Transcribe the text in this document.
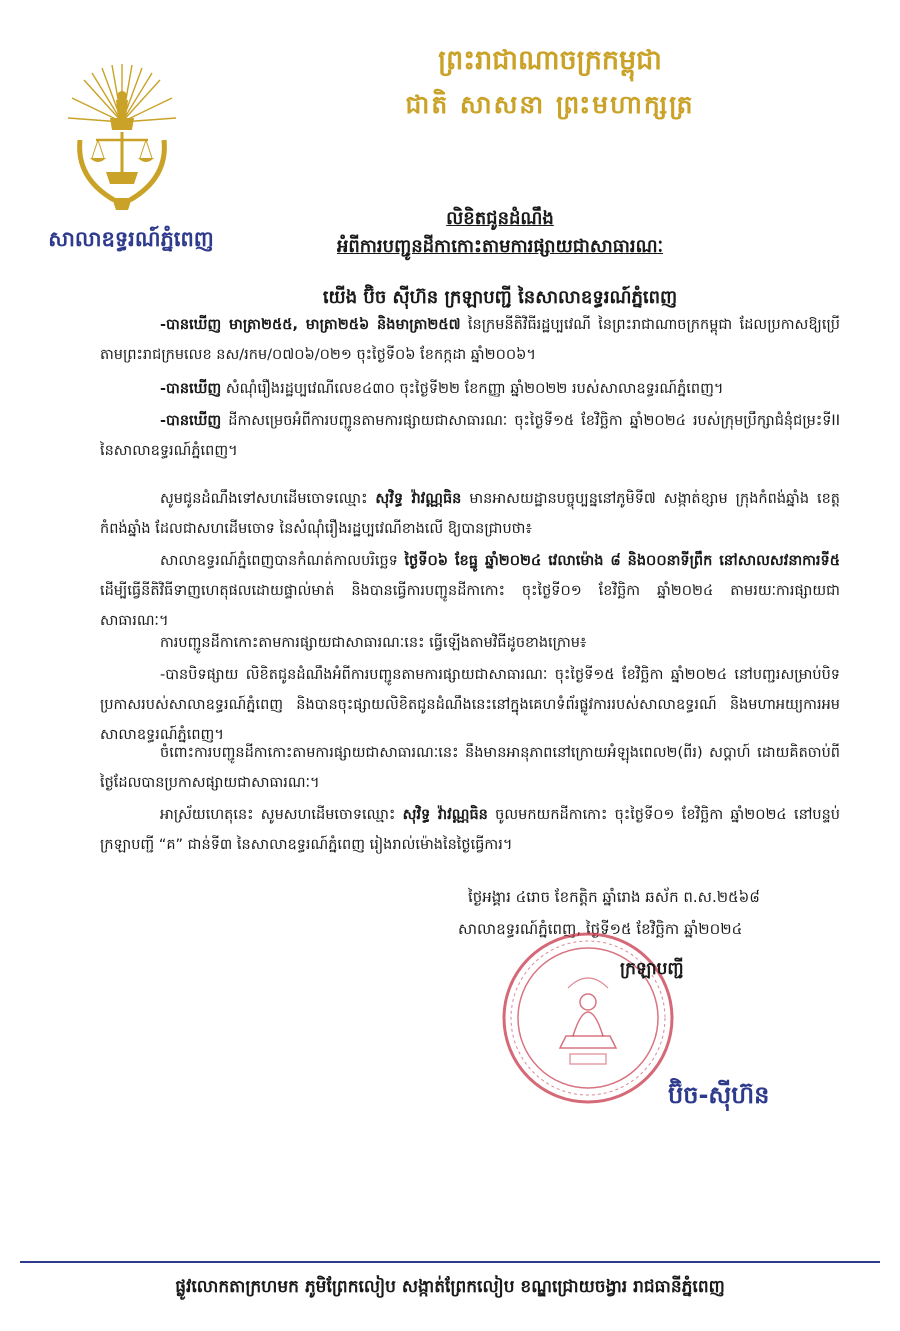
សាលាឧទ្ធរណ៍ភ្នំពេញ
ព្រះរាជាណាចក្រកម្ពុជា
ជាតិ សាសនា ព្រះមហាក្សត្រ
លិខិតជូនដំណឹង
អំពីការបញ្ជូនដីកាកោះតាមការផ្សាយជាសាធារណៈ
យើង ប៊ិច ស៊ីហ៊ន ក្រឡាបញ្ជី នៃសាលាឧទ្ធរណ៍ភ្នំពេញ
-បានឃើញ មាត្រា២៥៥, មាត្រា២៥៦ និងមាត្រា២៥៧ នៃក្រមនីតិវិធីរដ្ឋប្បវេណី នៃព្រះរាជាណាចក្រកម្ពុជា ដែលប្រកាសឱ្យប្រើតាមព្រះរាជក្រមលេខ នស/រកម/០៧០៦/០២១ ចុះថ្ងៃទី០៦ ខែកក្កដា ឆ្នាំ២០០៦។
-បានឃើញ សំណុំរឿងរដ្ឋប្បវេណីលេខ៤៣០ ចុះថ្ងៃទី២២ ខែកញ្ញា ឆ្នាំ២០២២ របស់សាលាឧទ្ធរណ៍ភ្នំពេញ។
-បានឃើញ ដីកាសម្រេចអំពីការបញ្ជូនតាមការផ្សាយជាសាធារណៈ ចុះថ្ងៃទី១៥ ខែវិច្ឆិកា ឆ្នាំ២០២៤ របស់ក្រុមប្រឹក្សាជំនុំជម្រះទីII នៃសាលាឧទ្ធរណ៍ភ្នំពេញ។
សូមជូនដំណឹងទៅសហដើមចោទឈ្មោះ សុវិទ្ធ វ៉ាវណ្ណធិន មានអាសយដ្ឋានបច្ចុប្បន្ននៅភូមិទី៧ សង្កាត់ខ្សាម ក្រុងកំពង់ឆ្នាំង ខេត្តកំពង់ឆ្នាំង ដែលជាសហដើមចោទ នៃសំណុំរឿងរដ្ឋប្បវេណីខាងលើ ឱ្យបានជ្រាបថា៖
សាលាឧទ្ធរណ៍ភ្នំពេញបានកំណត់កាលបរិច្ឆេទ ថ្ងៃទី០៦ ខែធ្នូ ឆ្នាំ២០២៤ វេលាម៉ោង ៨ និង០០នាទីព្រឹក នៅសាលសវនាការទី៥ ដើម្បីធ្វើនីតិវិធីទាញហេតុផលដោយផ្ទាល់មាត់ និងបានធ្វើការបញ្ជូនដីកាកោះ ចុះថ្ងៃទី០១ ខែវិច្ឆិកា ឆ្នាំ២០២៤ តាមរយៈការផ្សាយជាសាធារណៈ។
ការបញ្ជូនដីកាកោះតាមការផ្សាយជាសាធារណៈនេះ ធ្វើឡើងតាមវិធីដូចខាងក្រោម៖
-បានបិទផ្សាយ លិខិតជូនដំណឹងអំពីការបញ្ជូនតាមការផ្សាយជាសាធារណៈ ចុះថ្ងៃទី១៥ ខែវិច្ឆិកា ឆ្នាំ២០២៤ នៅបញ្ជរសម្រាប់បិទប្រកាសរបស់សាលាឧទ្ធរណ៍ភ្នំពេញ និងបានចុះផ្សាយលិខិតជូនដំណឹងនេះនៅក្នុងគេហទំព័រផ្លូវការរបស់សាលាឧទ្ធរណ៍ និងមហាអយ្យការអមសាលាឧទ្ធរណ៍ភ្នំពេញ។
ចំពោះការបញ្ជូនដីកាកោះតាមការផ្សាយជាសាធារណៈនេះ នឹងមានអានុភាពនៅក្រោយអំឡុងពេល២(ពីរ) សប្តាហ៍ ដោយគិតចាប់ពីថ្ងៃដែលបានប្រកាសផ្សាយជាសាធារណៈ។
អាស្រ័យហេតុនេះ សូមសហដើមចោទឈ្មោះ សុវិទ្ធ វ៉ាវណ្ណធិន ចូលមកយកដីកាកោះ ចុះថ្ងៃទី០១ ខែវិច្ឆិកា ឆ្នាំ២០២៤ នៅបន្ទប់ក្រឡាបញ្ជី “គ” ជាន់ទី៣ នៃសាលាឧទ្ធរណ៍ភ្នំពេញ រៀងរាល់ម៉ោងនៃថ្ងៃធ្វើការ។
ថ្ងៃអង្គារ ៤រោច ខែកត្តិក ឆ្នាំរោង ឆស័ក ព.ស.២៥៦៨
សាលាឧទ្ធរណ៍ភ្នំពេញ, ថ្ងៃទី១៥ ខែវិច្ឆិកា ឆ្នាំ២០២៤
ក្រឡាបញ្ជី
ប៊ិច-ស៊ីហ៊ន
ផ្លូវលោកតាក្រហមក ភូមិព្រែកលៀប សង្កាត់ព្រែកលៀប ខណ្ឌជ្រោយចង្វារ រាជធានីភ្នំពេញ
